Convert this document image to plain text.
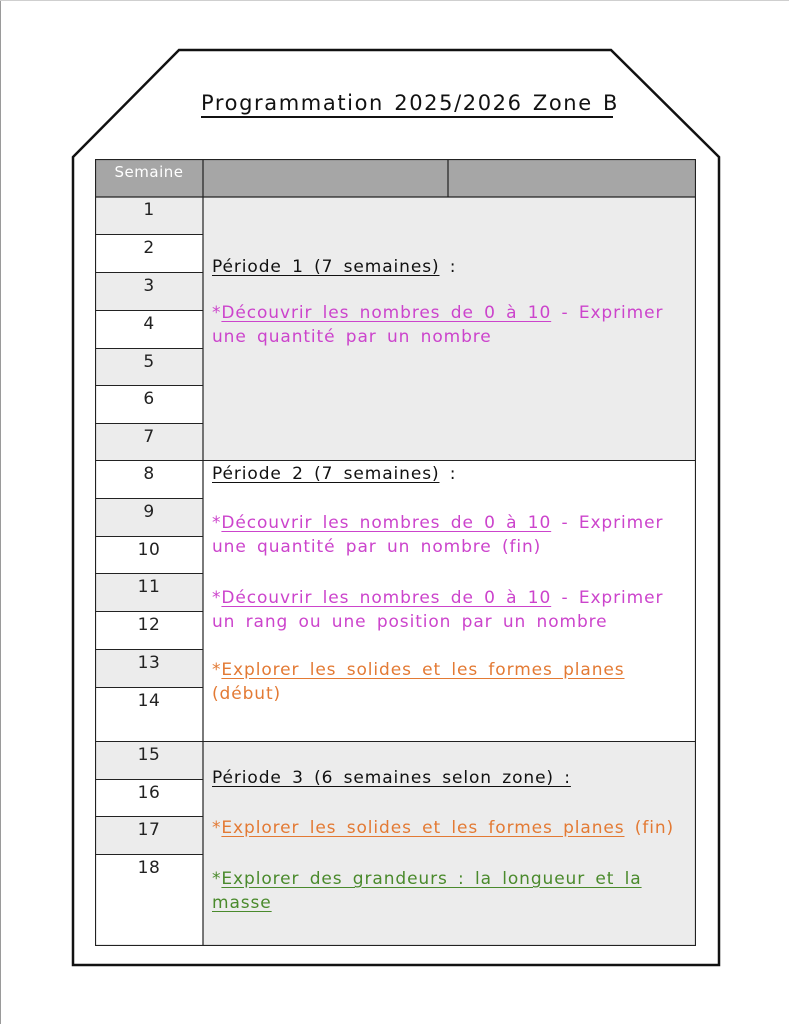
Programmation 2025/2026 Zone B
Semaine
1
2
3
4
5
6
7
8
9
10
11
12
13
14
15
16
17
18
Période 1 (7 semaines) :
*Découvrir les nombres de 0 à 10 - Exprimer une quantité par un nombre
Période 2 (7 semaines) :
*Découvrir les nombres de 0 à 10 - Exprimer une quantité par un nombre (fin)
*Découvrir les nombres de 0 à 10 - Exprimer un rang ou une position par un nombre
*Explorer les solides et les formes planes (début)
Période 3 (6 semaines selon zone) :
*Explorer les solides et les formes planes (fin)
*Explorer des grandeurs : la longueur et la masse
